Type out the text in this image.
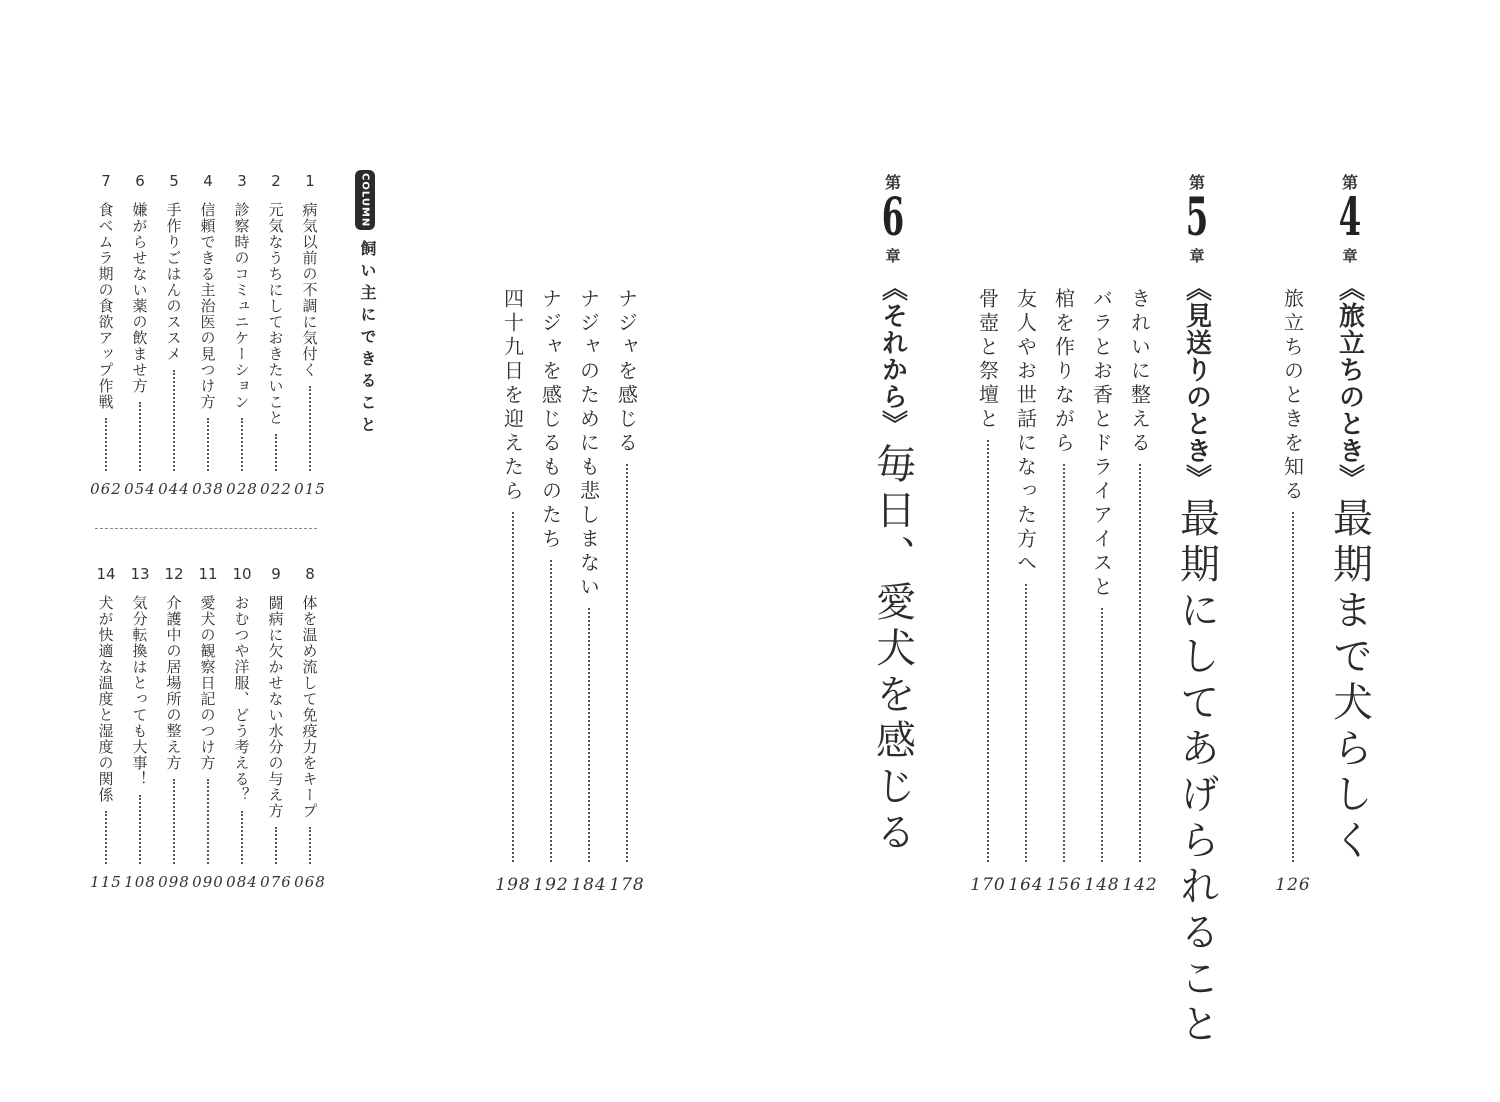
第
4
章
《旅立ちのとき》
最期まで犬らしく
旅立ちのときを知る
126
第
5
章
《見送りのとき》
最期にしてあげられること
きれいに整える
142
バラとお香とドライアイスと
148
棺を作りながら
156
友人やお世話になった方へ
164
骨壺と祭壇と
170
第
6
章
《それから》
毎日、愛犬を感じる
ナジャを感じる
178
ナジャのためにも悲しまない
184
ナジャを感じるものたち
192
四十九日を迎えたら
198
COLUMN
飼い主にできること
1
病気以前の不調に気付く
015
2
元気なうちにしておきたいこと
022
3
診察時のコミュニケーション
028
4
信頼できる主治医の見つけ方
038
5
手作りごはんのススメ
044
6
嫌がらせない薬の飲ませ方
054
7
食べムラ期の食欲アップ作戦
062
8
体を温め流して免疫力をキープ
068
9
闘病に欠かせない水分の与え方
076
10
おむつや洋服、どう考える？
084
11
愛犬の観察日記のつけ方
090
12
介護中の居場所の整え方
098
13
気分転換はとっても大事！
108
14
犬が快適な温度と湿度の関係
115
